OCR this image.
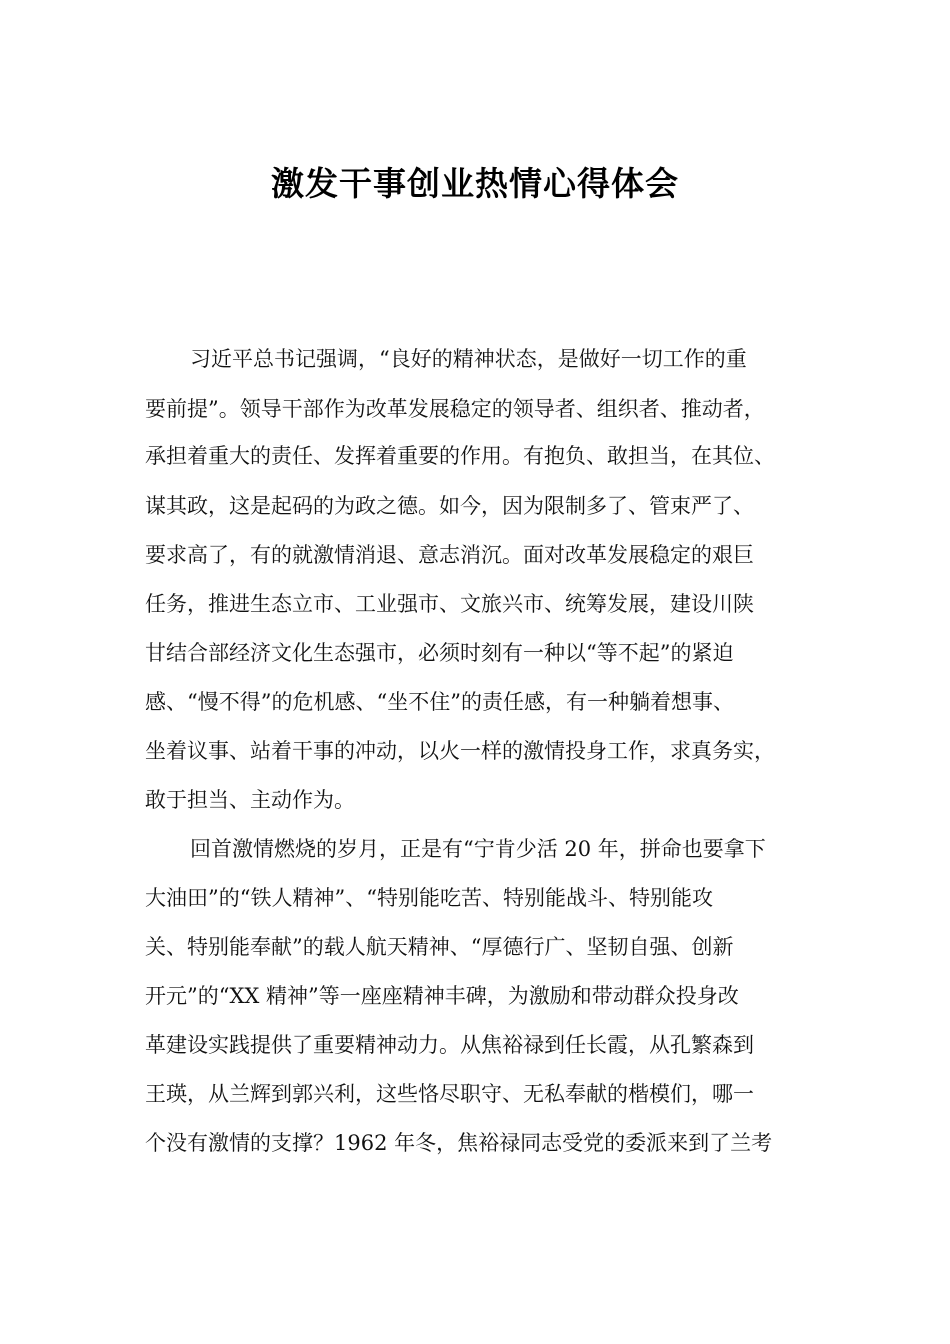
激发干事创业热情心得体会
习近平总书记强调，“良好的精神状态，是做好一切工作的重
要前提”。领导干部作为改革发展稳定的领导者、组织者、推动者，
承担着重大的责任、发挥着重要的作用。有抱负、敢担当，在其位、
谋其政，这是起码的为政之德。如今，因为限制多了、管束严了、
要求高了，有的就激情消退、意志消沉。面对改革发展稳定的艰巨
任务，推进生态立市、工业强市、文旅兴市、统筹发展，建设川陕
甘结合部经济文化生态强市，必须时刻有一种以“等不起”的紧迫
感、“慢不得”的危机感、“坐不住”的责任感，有一种躺着想事、
坐着议事、站着干事的冲动，以火一样的激情投身工作，求真务实，
敢于担当、主动作为。
回首激情燃烧的岁月，正是有“宁肯少活 20 年，拼命也要拿下
大油田”的“铁人精神”、“特别能吃苦、特别能战斗、特别能攻
关、特别能奉献”的载人航天精神、“厚德行广、坚韧自强、创新
开元”的“XX 精神”等一座座精神丰碑，为激励和带动群众投身改
革建设实践提供了重要精神动力。从焦裕禄到任长霞，从孔繁森到
王瑛，从兰辉到郭兴利，这些恪尽职守、无私奉献的楷模们，哪一
个没有激情的支撑？1962 年冬，焦裕禄同志受党的委派来到了兰考
